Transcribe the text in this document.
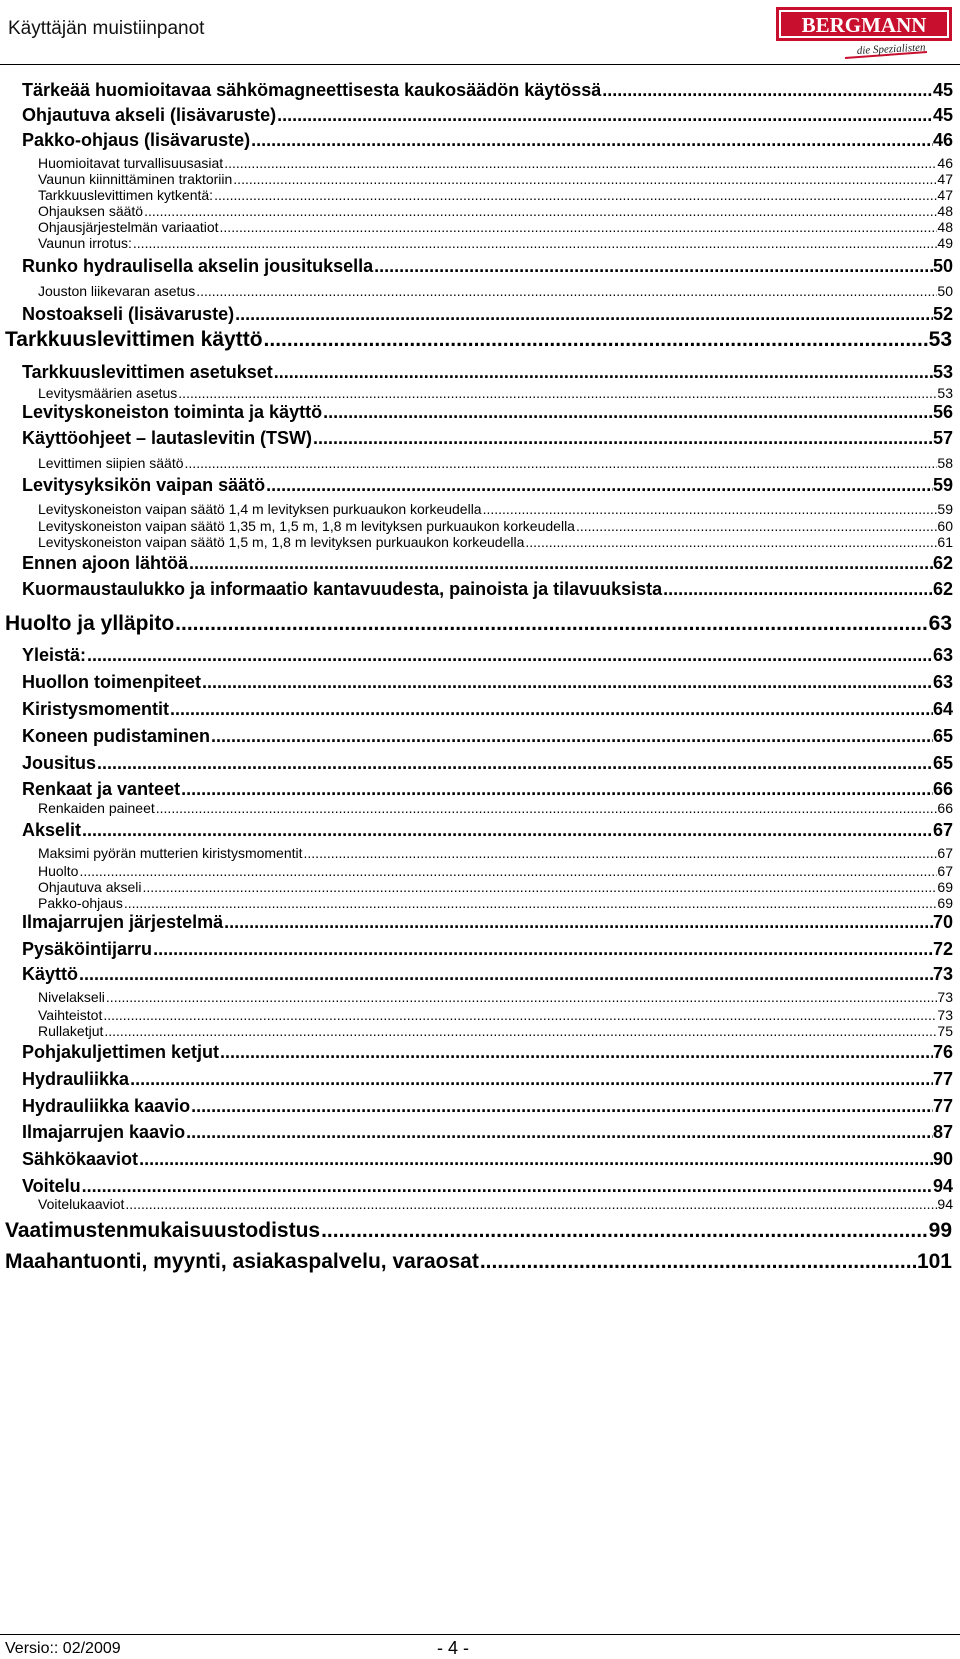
Käyttäjän muistiinpanot	BERGMANN
die Spezialisten
Tärkeää huomioitavaa sähkömagneettisesta kaukosäädön käytössä .....	45
Ohjautuva akseli (lisävaruste) .....	45
Pakko-ohjaus (lisävaruste) .....	46
Huomioitavat turvallisuusasiat .....	46
Vaunun kiinnittäminen traktoriin .....	47
Tarkkuuslevittimen kytkentä: .....	47
Ohjauksen säätö .....	48
Ohjausjärjestelmän variaatiot .....	48
Vaunun irrotus: .....	49
Runko hydraulisella akselin jousituksella .....	50
Jouston liikevaran asetus .....	50
Nostoakseli (lisävaruste) .....	52
Tarkkuuslevittimen käyttö .....	53
Tarkkuuslevittimen asetukset .....	53
Levitysmäärien asetus .....	53
Levityskoneiston toiminta ja käyttö .....	56
Käyttöohjeet – lautaslevitin (TSW) .....	57
Levittimen siipien säätö .....	58
Levitysyksikön vaipan säätö .....	59
Levityskoneiston vaipan säätö 1,4 m levityksen purkuaukon korkeudella .....	59
Levityskoneiston vaipan säätö 1,35 m, 1,5 m, 1,8 m levityksen purkuaukon korkeudella .....	60
Levityskoneiston vaipan säätö 1,5 m, 1,8 m levityksen purkuaukon korkeudella .....	61
Ennen ajoon lähtöä .....	62
Kuormaustaulukko ja informaatio kantavuudesta, painoista ja tilavuuksista .....	62
Huolto ja ylläpito .....	63
Yleistä: .....	63
Huollon toimenpiteet .....	63
Kiristysmomentit .....	64
Koneen pudistaminen .....	65
Jousitus .....	65
Renkaat ja vanteet .....	66
Renkaiden paineet .....	66
Akselit .....	67
Maksimi pyörän mutterien kiristysmomentit .....	67
Huolto .....	67
Ohjautuva akseli .....	69
Pakko-ohjaus .....	69
Ilmajarrujen järjestelmä .....	70
Pysäköintijarru .....	72
Käyttö .....	73
Nivelakseli .....	73
Vaihteistot .....	73
Rullaketjut .....	75
Pohjakuljettimen ketjut .....	76
Hydrauliikka .....	77
Hydrauliikka kaavio .....	77
Ilmajarrujen kaavio .....	87
Sähkökaaviot .....	90
Voitelu .....	94
Voitelukaaviot .....	94
Vaatimustenmukaisuustodistus .....	99
Maahantuonti, myynti, asiakaspalvelu, varaosat .....	101
Versio:: 02/2009	- 4 -
